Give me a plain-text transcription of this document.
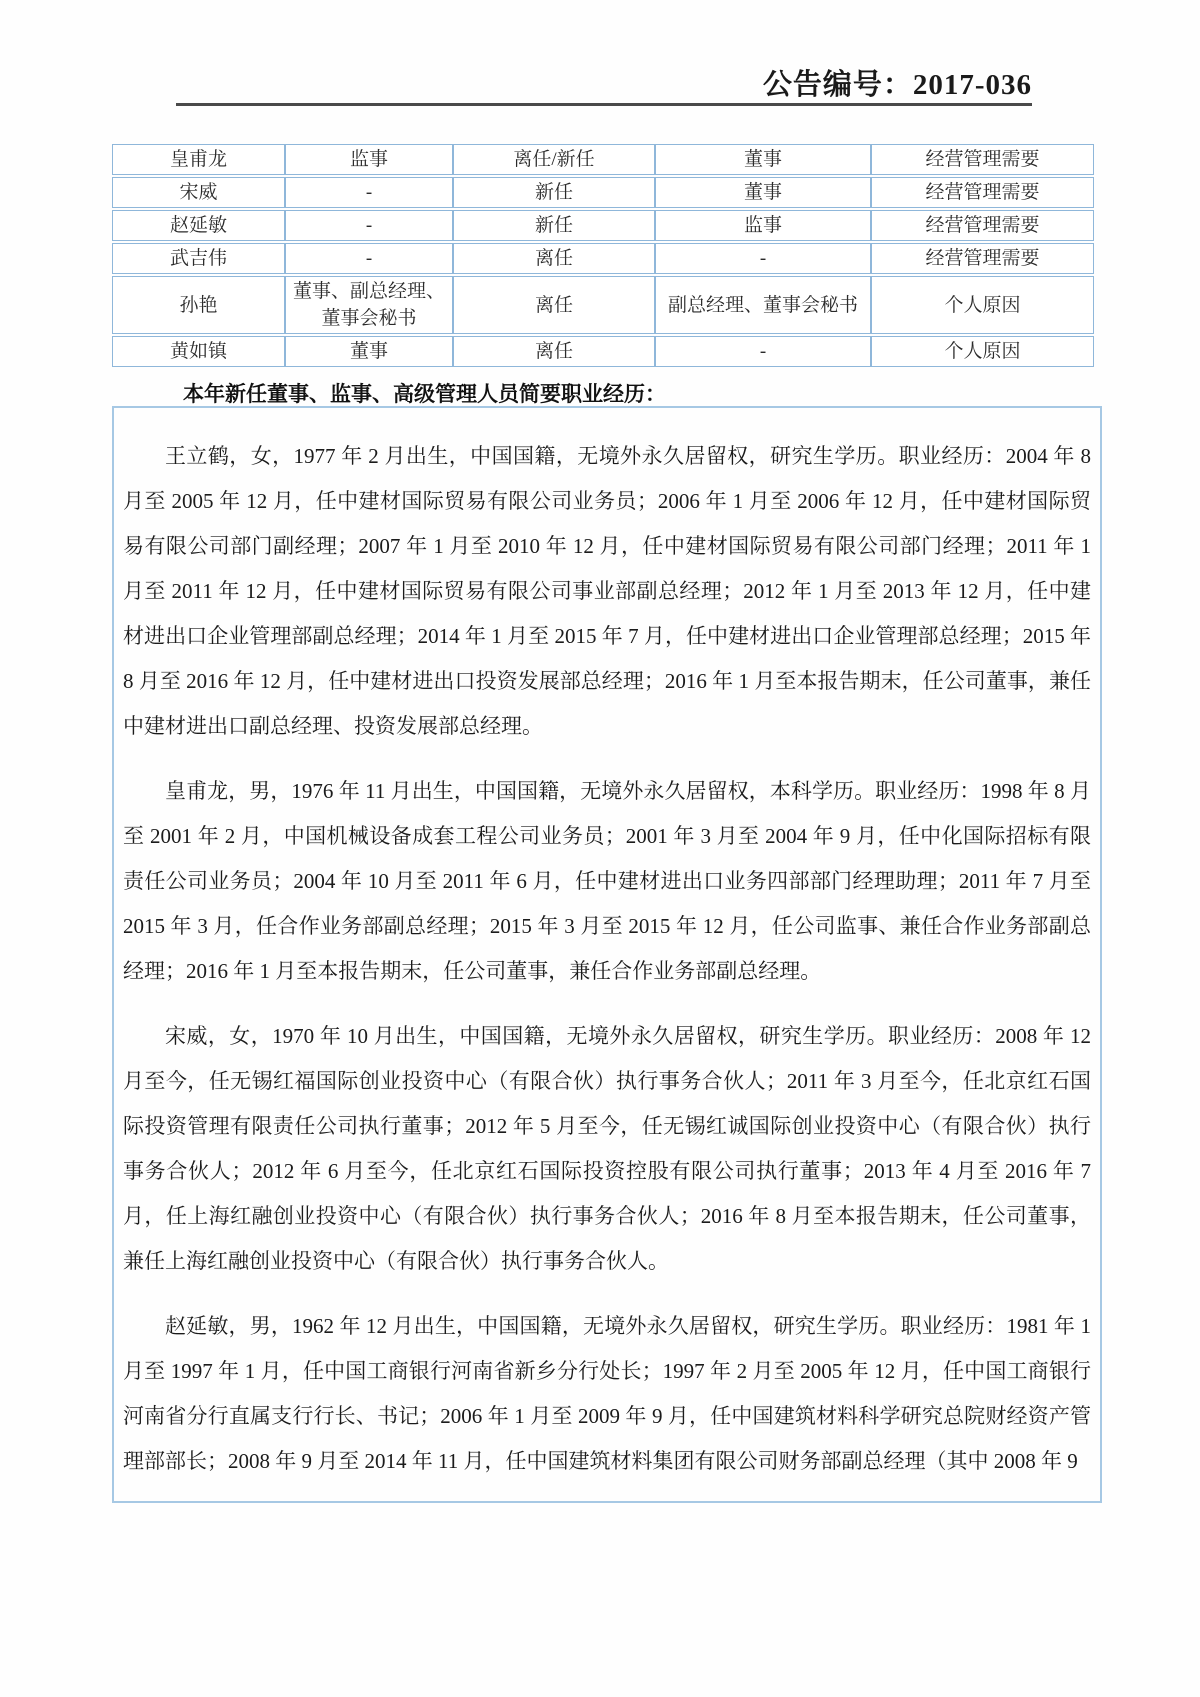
公告编号：2017-036
皇甫龙	监事	离任/新任	董事	经营管理需要
宋威	-	新任	董事	经营管理需要
赵延敏	-	新任	监事	经营管理需要
武吉伟	-	离任	-	经营管理需要
孙艳	董事、副总经理、董事会秘书	离任	副总经理、董事会秘书	个人原因
黄如镇	董事	离任	-	个人原因
本年新任董事、监事、高级管理人员简要职业经历：

王立鹤，女，1977 年 2 月出生，中国国籍，无境外永久居留权，研究生学历。职业经历：2004 年 8 月至 2005 年 12 月，任中建材国际贸易有限公司业务员；2006 年 1 月至 2006 年 12 月，任中建材国际贸易有限公司部门副经理；2007 年 1 月至 2010 年 12 月，任中建材国际贸易有限公司部门经理；2011 年 1 月至 2011 年 12 月，任中建材国际贸易有限公司事业部副总经理；2012 年 1 月至 2013 年 12 月，任中建材进出口企业管理部副总经理；2014 年 1 月至 2015 年 7 月，任中建材进出口企业管理部总经理；2015 年 8 月至 2016 年 12 月，任中建材进出口投资发展部总经理；2016 年 1 月至本报告期末，任公司董事，兼任中建材进出口副总经理、投资发展部总经理。

皇甫龙，男，1976 年 11 月出生，中国国籍，无境外永久居留权，本科学历。职业经历：1998 年 8 月至 2001 年 2 月，中国机械设备成套工程公司业务员；2001 年 3 月至 2004 年 9 月，任中化国际招标有限责任公司业务员；2004 年 10 月至 2011 年 6 月，任中建材进出口业务四部部门经理助理；2011 年 7 月至 2015 年 3 月，任合作业务部副总经理；2015 年 3 月至 2015 年 12 月，任公司监事、兼任合作业务部副总经理；2016 年 1 月至本报告期末，任公司董事，兼任合作业务部副总经理。

宋威，女，1970 年 10 月出生，中国国籍，无境外永久居留权，研究生学历。职业经历：2008 年 12 月至今，任无锡红福国际创业投资中心（有限合伙）执行事务合伙人；2011 年 3 月至今，任北京红石国际投资管理有限责任公司执行董事；2012 年 5 月至今，任无锡红诚国际创业投资中心（有限合伙）执行事务合伙人；2012 年 6 月至今，任北京红石国际投资控股有限公司执行董事；2013 年 4 月至 2016 年 7 月，任上海红融创业投资中心（有限合伙）执行事务合伙人；2016 年 8 月至本报告期末，任公司董事，兼任上海红融创业投资中心（有限合伙）执行事务合伙人。

赵延敏，男，1962 年 12 月出生，中国国籍，无境外永久居留权，研究生学历。职业经历：1981 年 1 月至 1997 年 1 月，任中国工商银行河南省新乡分行处长；1997 年 2 月至 2005 年 12 月，任中国工商银行河南省分行直属支行行长、书记；2006 年 1 月至 2009 年 9 月，任中国建筑材料科学研究总院财经资产管理部部长；2008 年 9 月至 2014 年 11 月，任中国建筑材料集团有限公司财务部副总经理（其中 2008 年 9
